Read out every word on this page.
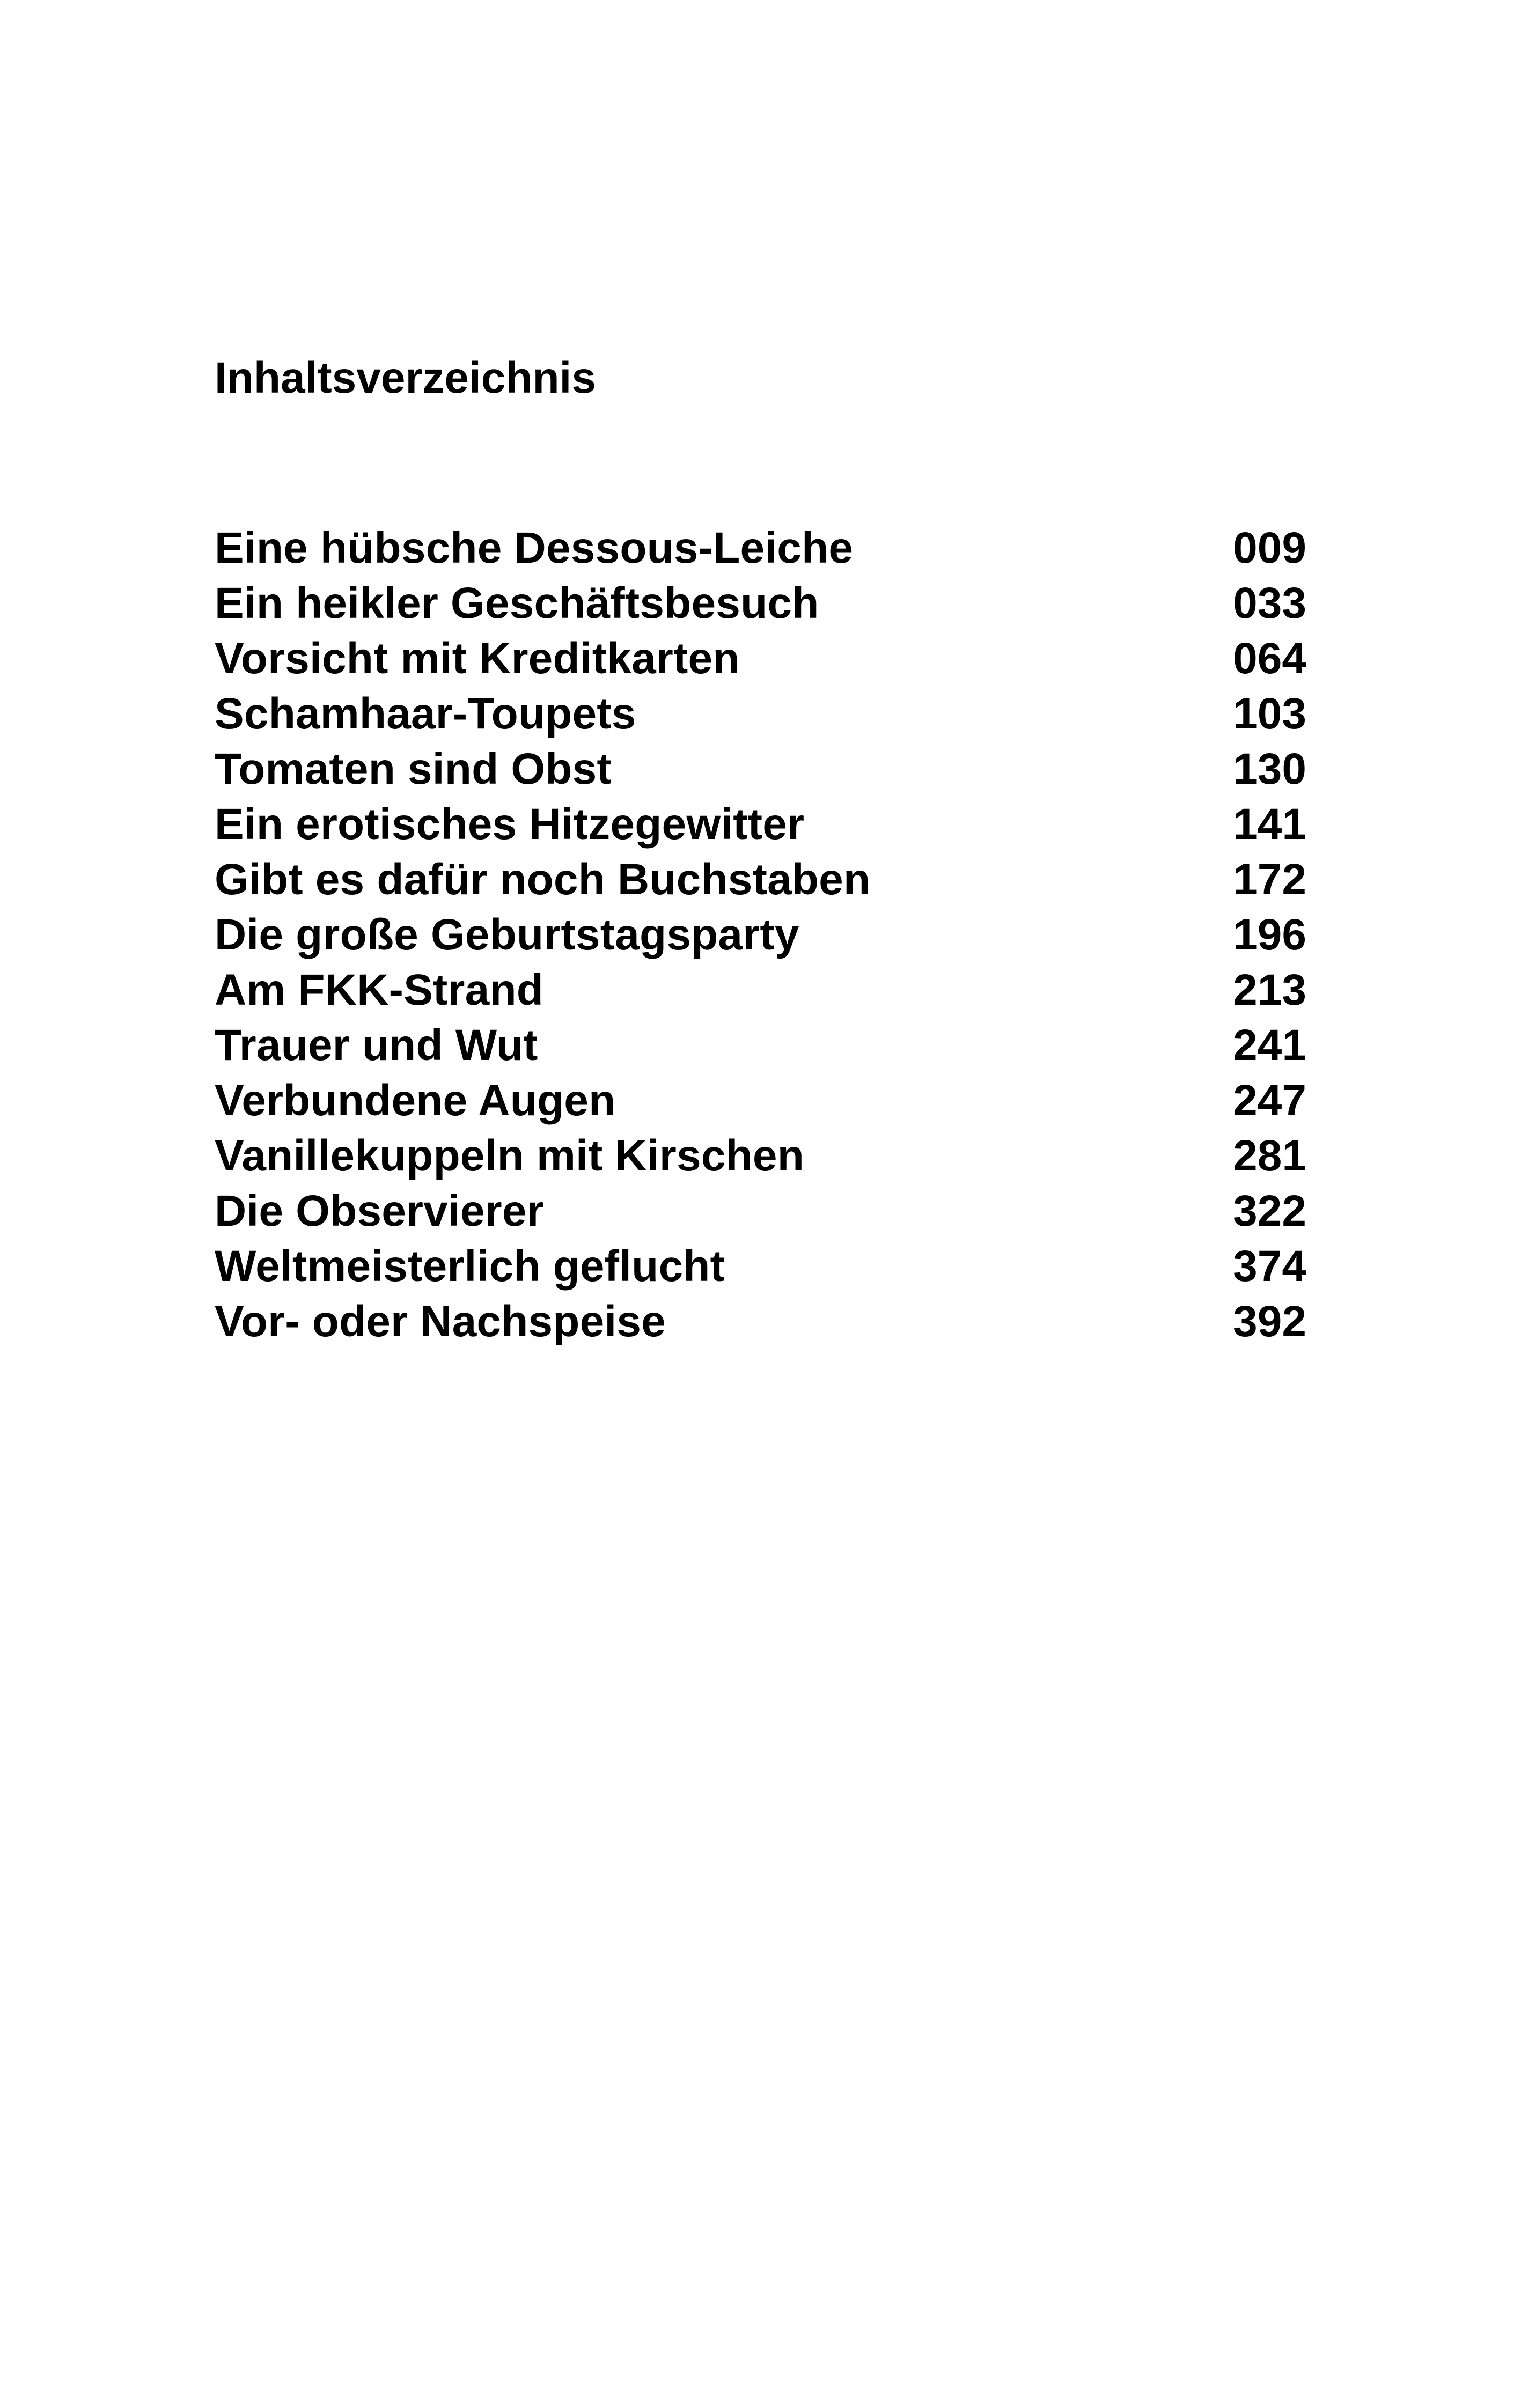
Inhaltsverzeichnis
Eine hübsche Dessous-Leiche	009
Ein heikler Geschäftsbesuch	033
Vorsicht mit Kreditkarten	064
Schamhaar-Toupets	103
Tomaten sind Obst	130
Ein erotisches Hitzegewitter	141
Gibt es dafür noch Buchstaben	172
Die große Geburtstagsparty	196
Am FKK-Strand	213
Trauer und Wut	241
Verbundene Augen	247
Vanillekuppeln mit Kirschen	281
Die Observierer	322
Weltmeisterlich geflucht	374
Vor- oder Nachspeise	392
